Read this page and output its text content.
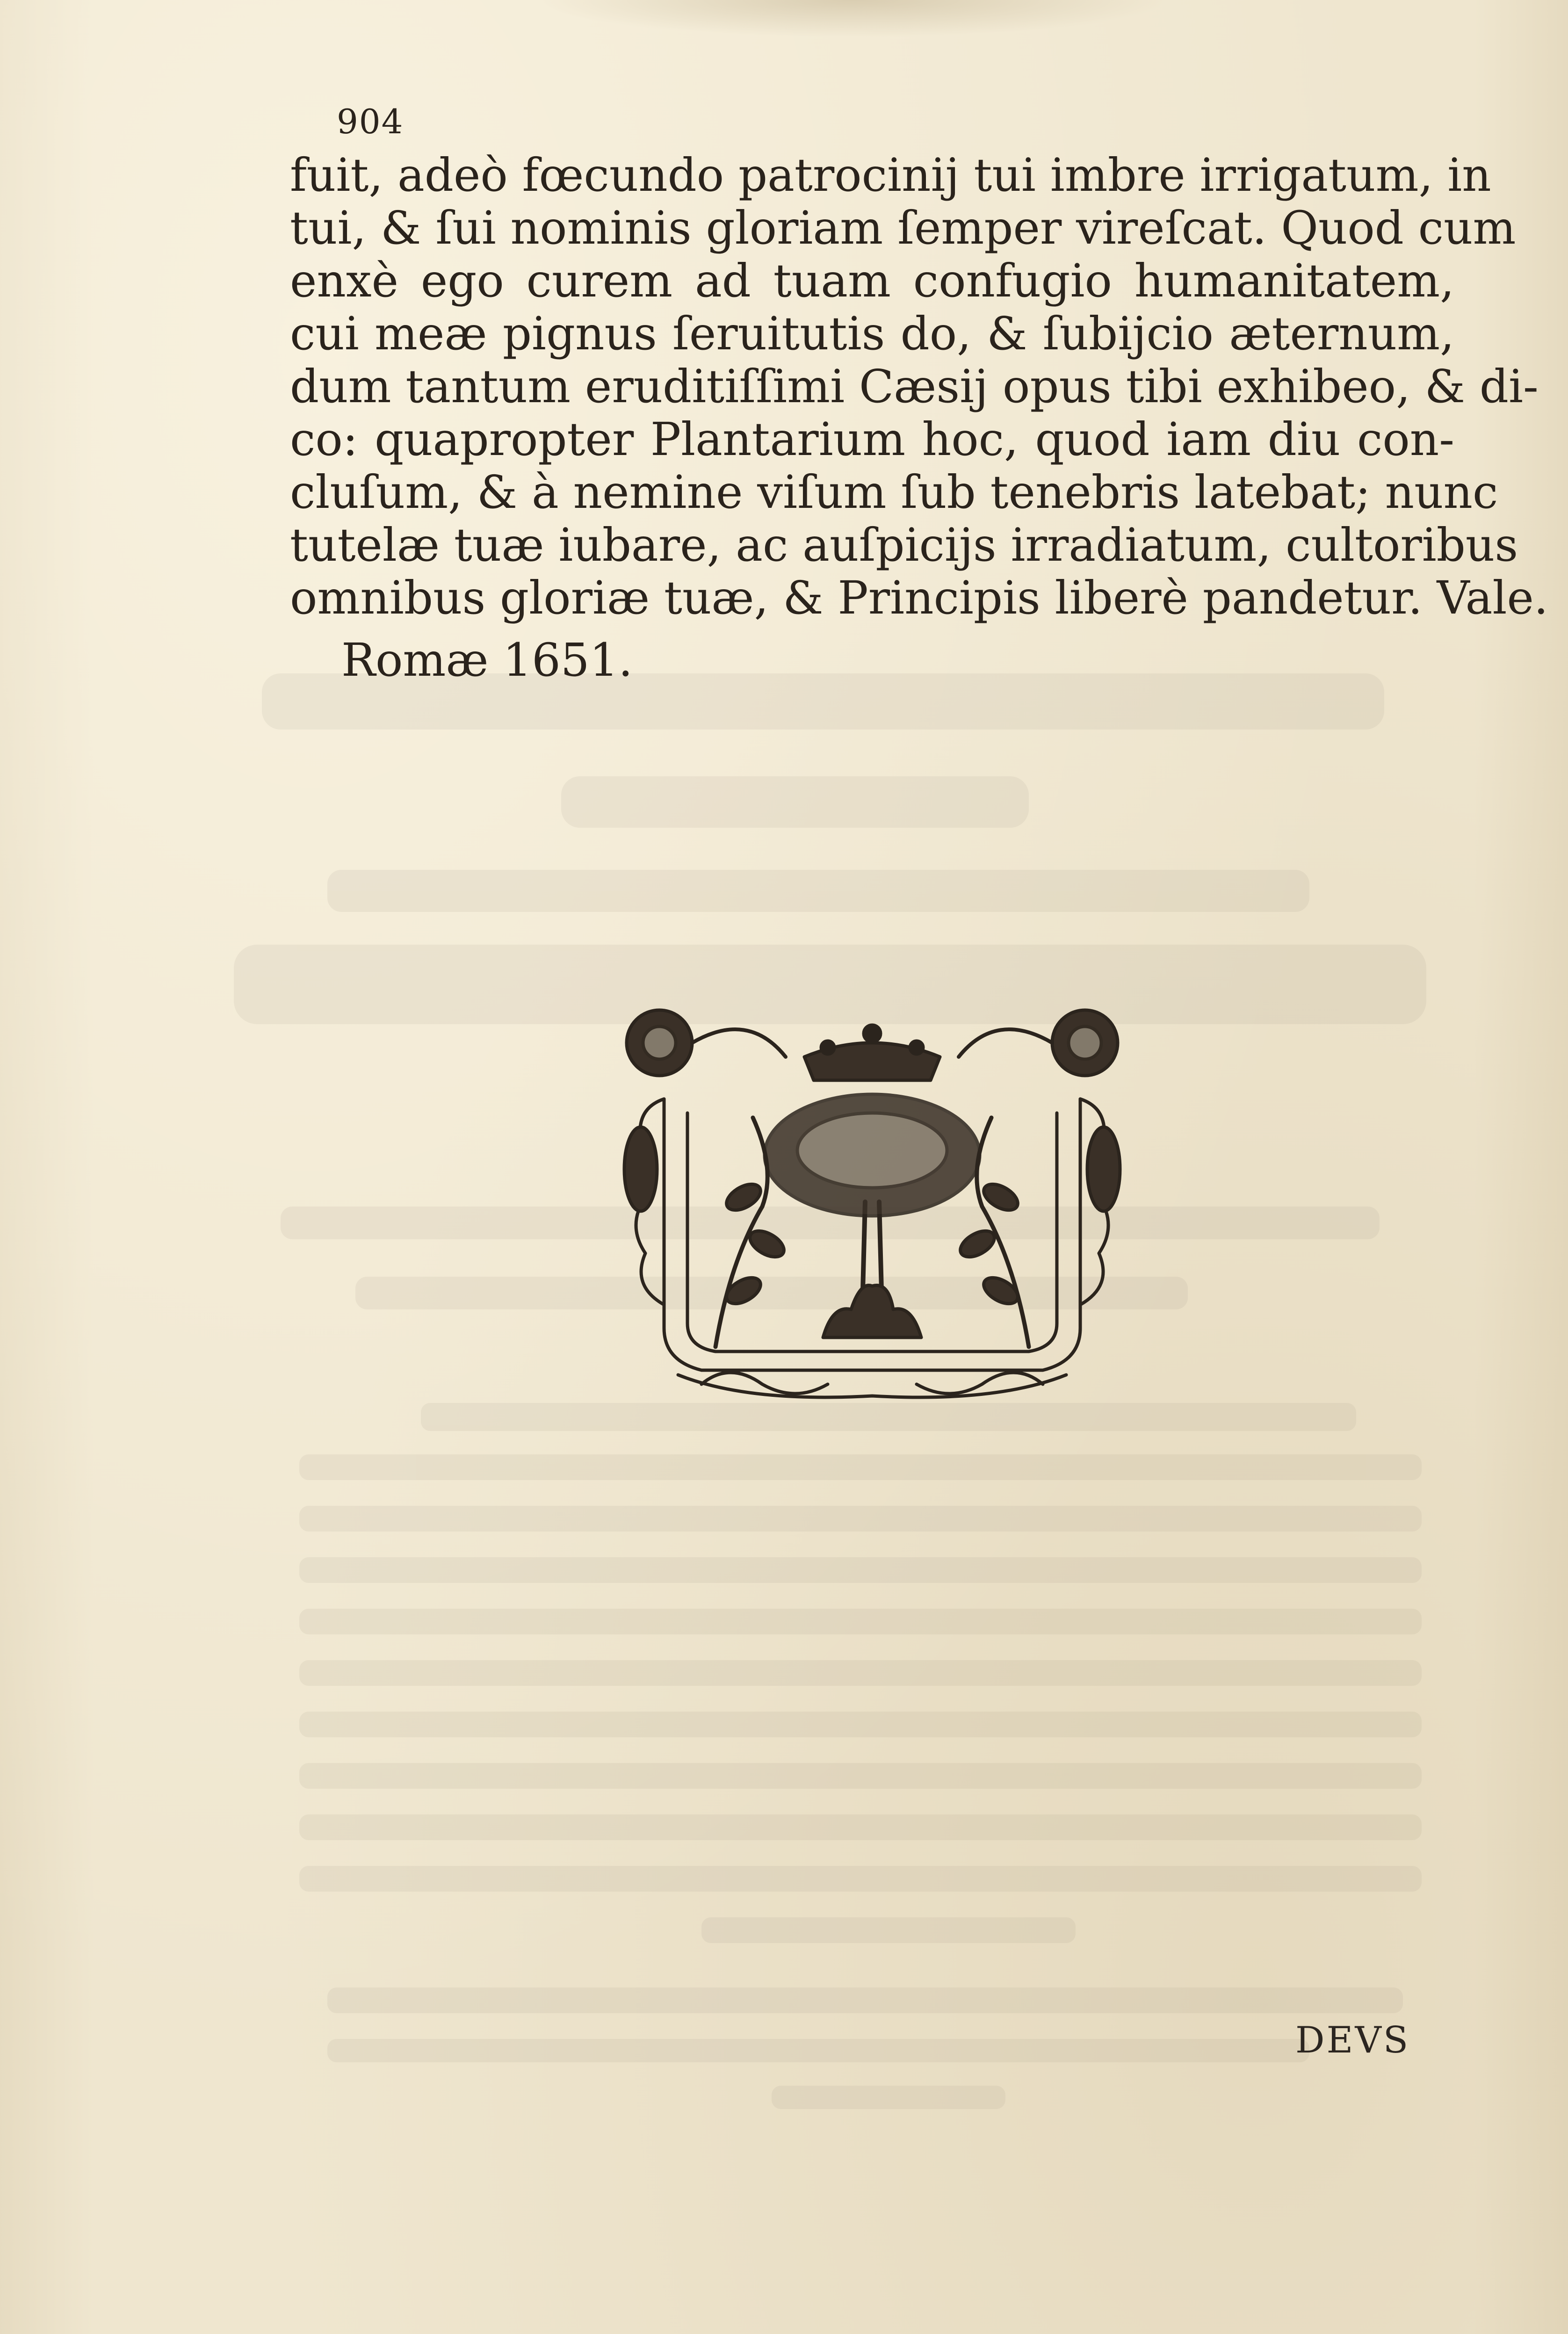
904
fuit, adeò fœcundo patrocinij tui imbre irrigatum, in
tui, & ſui nominis gloriam ſemper vireſcat. Quod cum
enxè ego curem ad tuam confugio humanitatem,
cui meæ pignus ſeruitutis do, & ſubijcio æternum,
dum tantum eruditiſſimi Cæsij opus tibi exhibeo, & di-
co: quapropter Plantarium hoc, quod iam diu con-
cluſum, & à nemine viſum ſub tenebris latebat; nunc
tutelæ tuæ iubare, ac auſpicijs irradiatum, cultoribus
omnibus gloriæ tuæ, & Principis liberè pandetur. Vale.
Romæ 1651.
DEVS
